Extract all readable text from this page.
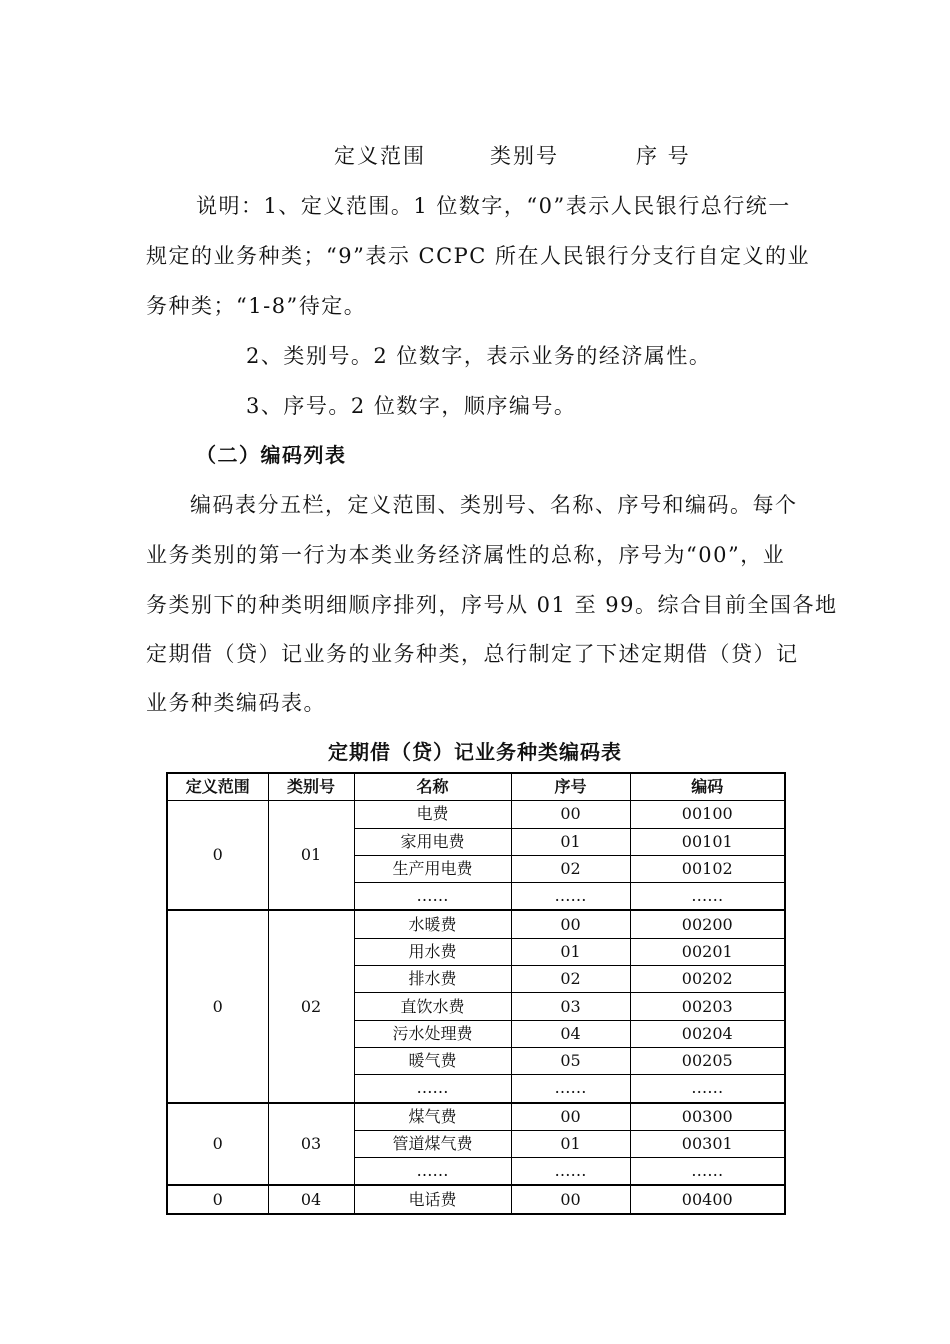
定义范围	类别号	序 号
说明：1、定义范围。1 位数字，“0”表示人民银行总行统一
规定的业务种类；“9”表示 CCPC 所在人民银行分支行自定义的业
务种类；“1-8”待定。
2、类别号。2 位数字，表示业务的经济属性。
3、序号。2 位数字，顺序编号。
（二）编码列表
编码表分五栏，定义范围、类别号、名称、序号和编码。每个
业务类别的第一行为本类业务经济属性的总称，序号为“00”，业
务类别下的种类明细顺序排列，序号从 01 至 99。综合目前全国各地
定期借（贷）记业务的业务种类，总行制定了下述定期借（贷）记
业务种类编码表。
定期借（贷）记业务种类编码表
定义范围	类别号	名称	序号	编码
0	01	电费	00	00100
		家用电费	01	00101
		生产用电费	02	00102
		……	……	……
0	02	水暖费	00	00200
		用水费	01	00201
		排水费	02	00202
		直饮水费	03	00203
		污水处理费	04	00204
		暖气费	05	00205
		……	……	……
0	03	煤气费	00	00300
		管道煤气费	01	00301
		……	……	……
0	04	电话费	00	00400
